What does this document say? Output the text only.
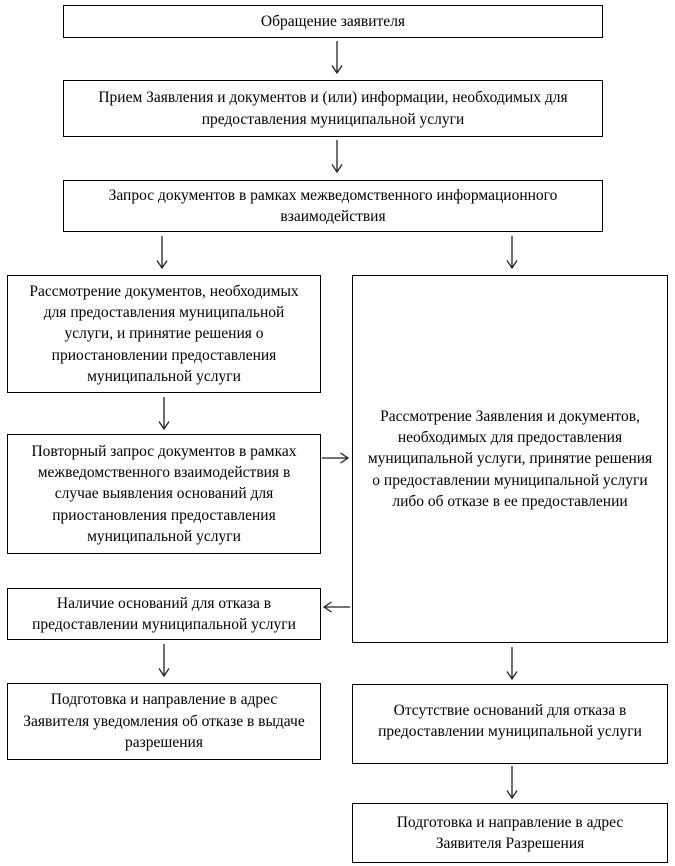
Обращение заявителя
Прием Заявления и документов и (или) информации, необходимых для предоставления муниципальной услуги
Запрос документов в рамках межведомственного информационного взаимодействия
Рассмотрение документов, необходимых для предоставления муниципальной услуги, и принятие решения о приостановлении предоставления муниципальной услуги
Повторный запрос документов в рамках межведомственного взаимодействия в случае выявления оснований для приостановления предоставления муниципальной услуги
Наличие оснований для отказа в предоставлении муниципальной услуги
Подготовка и направление в адрес Заявителя уведомления об отказе в выдаче разрешения
Рассмотрение Заявления и документов, необходимых для предоставления муниципальной услуги, принятие решения о предоставлении муниципальной услуги либо об отказе в ее предоставлении
Отсутствие оснований для отказа в предоставлении муниципальной услуги
Подготовка и направление в адрес Заявителя Разрешения
